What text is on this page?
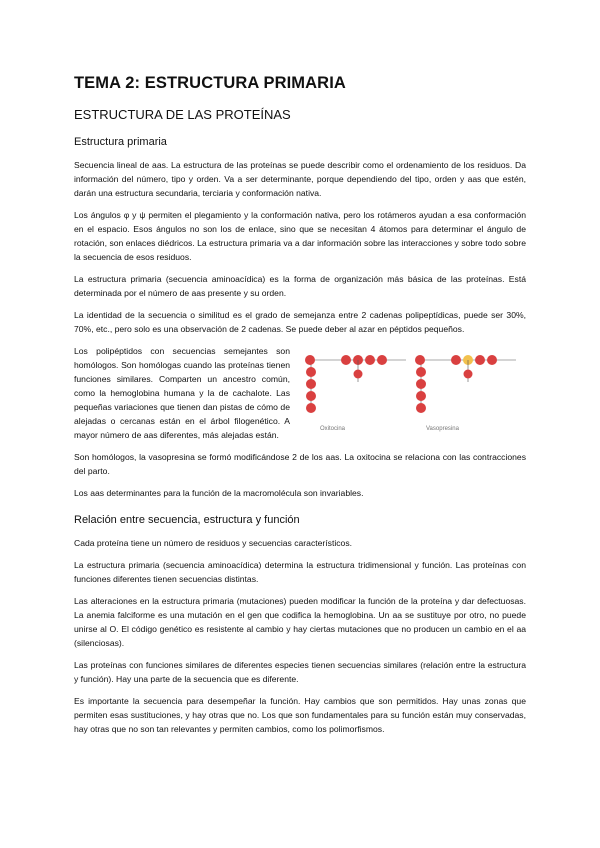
TEMA 2: ESTRUCTURA PRIMARIA
ESTRUCTURA DE LAS PROTEÍNAS
Estructura primaria

Secuencia lineal de aas. La estructura de las proteínas se puede describir como el ordenamiento de los residuos. Da información del número, tipo y orden. Va a ser determinante, porque dependiendo del tipo, orden y aas que estén, darán una estructura secundaria, terciaria y conformación nativa.

Los ángulos φ y ψ permiten el plegamiento y la conformación nativa, pero los rotámeros ayudan a esa conformación en el espacio. Esos ángulos no son los de enlace, sino que se necesitan 4 átomos para determinar el ángulo de rotación, son enlaces diédricos. La estructura primaria va a dar información sobre las interacciones y sobre todo sobre la secuencia de esos residuos.

La estructura primaria (secuencia aminoacídica) es la forma de organización más básica de las proteínas. Está determinada por el número de aas presente y su orden.

La identidad de la secuencia o similitud es el grado de semejanza entre 2 cadenas polipeptídicas, puede ser 30%, 70%, etc., pero solo es una observación de 2 cadenas. Se puede deber al azar en péptidos pequeños.

Oxitocina	Vasopresina

Los polipéptidos con secuencias semejantes son homólogos. Son homólogas cuando las proteínas tienen funciones similares. Comparten un ancestro común, como la hemoglobina humana y la de cachalote. Las pequeñas variaciones que tienen dan pistas de cómo de alejadas o cercanas están en el árbol filogenético. A mayor número de aas diferentes, más alejadas están.

Son homólogos, la vasopresina se formó modificándose 2 de los aas. La oxitocina se relaciona con las contracciones del parto.

Los aas determinantes para la función de la macromolécula son invariables.

Relación entre secuencia, estructura y función

Cada proteína tiene un número de residuos y secuencias característicos.

La estructura primaria (secuencia aminoacídica) determina la estructura tridimensional y función. Las proteínas con funciones diferentes tienen secuencias distintas.

Las alteraciones en la estructura primaria (mutaciones) pueden modificar la función de la proteína y dar defectuosas. La anemia falciforme es una mutación en el gen que codifica la hemoglobina. Un aa se sustituye por otro, no puede unirse al O. El código genético es resistente al cambio y hay ciertas mutaciones que no producen un cambio en el aa (silenciosas).

Las proteínas con funciones similares de diferentes especies tienen secuencias similares (relación entre la estructura y función). Hay una parte de la secuencia que es diferente.

Es importante la secuencia para desempeñar la función. Hay cambios que son permitidos. Hay unas zonas que permiten esas sustituciones, y hay otras que no. Los que son fundamentales para su función están muy conservadas, hay otras que no son tan relevantes y permiten cambios, como los polimorfismos.
